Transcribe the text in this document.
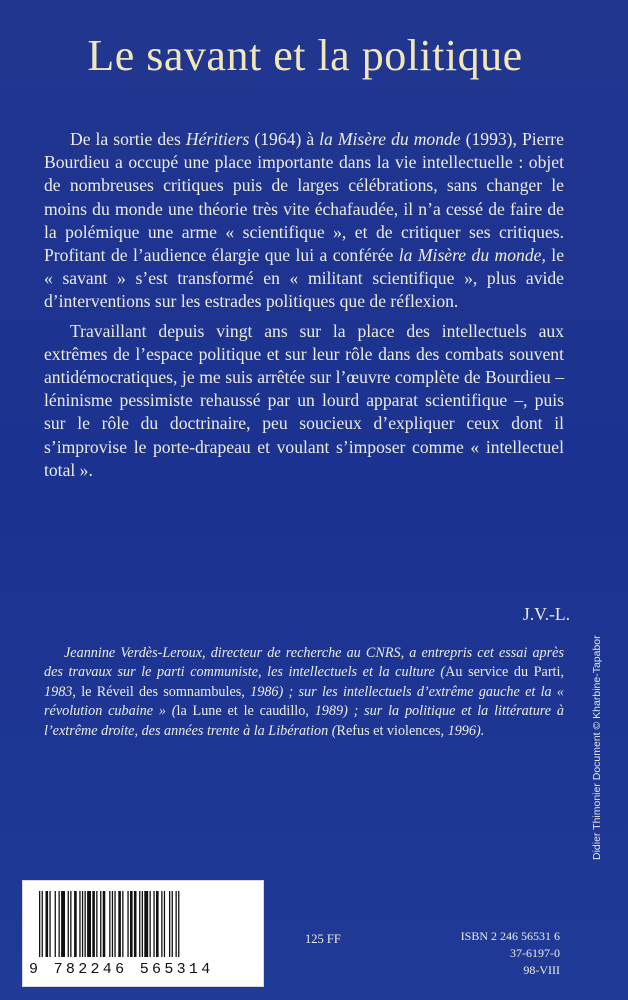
Le savant et la politique

De la sortie des Héritiers (1964) à la Misère du monde (1993), Pierre Bourdieu a occupé une place importante dans la vie intellectuelle : objet de nombreuses critiques puis de larges célébrations, sans changer le moins du monde une théorie très vite échafaudée, il n’a cessé de faire de la polémique une arme « scientifique », et de critiquer ses critiques. Profitant de l’audience élargie que lui a conférée la Misère du monde, le « savant » s’est transformé en « militant scientifique », plus avide d’interventions sur les estrades politiques que de réflexion.

Travaillant depuis vingt ans sur la place des intellectuels aux extrêmes de l’espace politique et sur leur rôle dans des combats souvent antidémocratiques, je me suis arrêtée sur l’œuvre complète de Bourdieu – léninisme pessimiste rehaussé par un lourd apparat scientifique –, puis sur le rôle du doctrinaire, peu soucieux d’expliquer ceux dont il s’improvise le porte-drapeau et voulant s’imposer comme « intellectuel total ».

J.V.-L.

Jeannine Verdès-Leroux, directeur de recherche au CNRS, a entrepris cet essai après des travaux sur le parti communiste, les intellectuels et la culture (Au service du Parti, 1983, le Réveil des somnambules, 1986) ; sur les intellectuels d’extrême gauche et la « révolution cubaine » (la Lune et le caudillo, 1989) ; sur la politique et la littérature à l’extrême droite, des années trente à la Libération (Refus et violences, 1996).	Didier Thimonier Document © Kharbine-Tapabor
9 782246 565314
125 FF	ISBN 2 246 56531 6
37-6197-0
98-VIII
